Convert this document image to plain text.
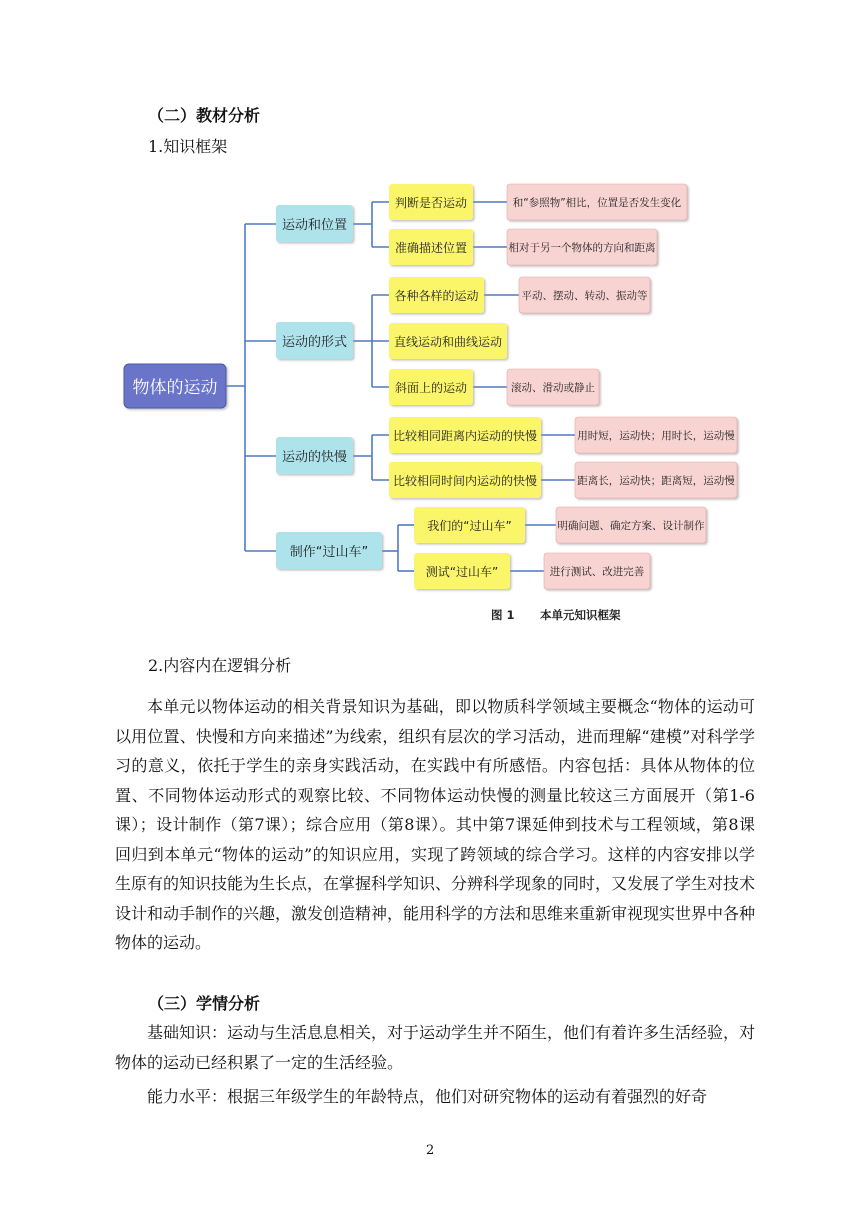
（二）教材分析
1.知识框架
物体的运动
运动和位置
运动的形式
运动的快慢
制作“过山车”
判断是否运动
准确描述位置
各种各样的运动
直线运动和曲线运动
斜面上的运动
比较相同距离内运动的快慢
比较相同时间内运动的快慢
我们的“过山车”
测试“过山车”
和“参照物”相比，位置是否发生变化
相对于另一个物体的方向和距离
平动、摆动、转动、振动等
滚动、滑动或静止
用时短，运动快；用时长，运动慢
距离长，运动快；距离短，运动慢
明确问题、确定方案、设计制作
进行测试、改进完善
图 1 本单元知识框架
2.内容内在逻辑分析

本单元以物体运动的相关背景知识为基础，即以物质科学领域主要概念“物体的运动可以用位置、快慢和方向来描述”为线索，组织有层次的学习活动，进而理解“建模”对科学学习的意义，依托于学生的亲身实践活动，在实践中有所感悟。内容包括：具体从物体的位置、不同物体运动形式的观察比较、不同物体运动快慢的测量比较这三方面展开（第1-6课）；设计制作（第7课）；综合应用（第8课）。其中第7课延伸到技术与工程领域，第8课回归到本单元“物体的运动”的知识应用，实现了跨领域的综合学习。这样的内容安排以学生原有的知识技能为生长点，在掌握科学知识、分辨科学现象的同时，又发展了学生对技术设计和动手制作的兴趣，激发创造精神，能用科学的方法和思维来重新审视现实世界中各种物体的运动。

（三）学情分析

基础知识：运动与生活息息相关，对于运动学生并不陌生，他们有着许多生活经验，对物体的运动已经积累了一定的生活经验。

能力水平：根据三年级学生的年龄特点，他们对研究物体的运动有着强烈的好奇

2
